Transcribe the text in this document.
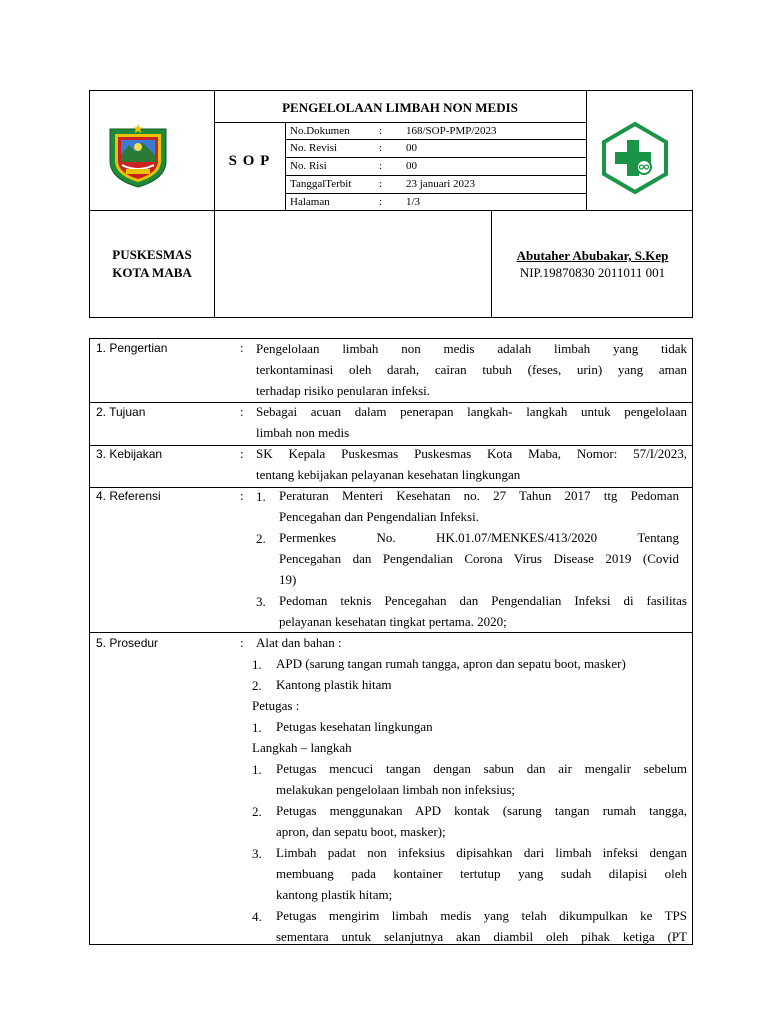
PENGELOLAAN LIMBAH NON MEDIS
S O P
No.Dokumen	: 168/SOP-PMP/2023
No. Revisi	: 00
No. Risi	: 00
TanggalTerbit	: 23 januari 2023
Halaman	: 1/3
PUSKESMAS
KOTA MABA
Abutaher Abubakar, S.Kep
NIP.19870830 2011011 001
1. Pengertian	: Pengelolaan limbah non medis adalah limbah yang tidak
terkontaminasi oleh darah, cairan tubuh (feses, urin) yang aman
terhadap risiko penularan infeksi.
2. Tujuan	: Sebagai acuan dalam penerapan langkah- langkah untuk pengelolaan
limbah non medis
3. Kebijakan	: SK Kepala Puskesmas Puskesmas Kota Maba, Nomor: 57/I/2023,
tentang kebijakan pelayanan kesehatan lingkungan
4. Referensi	: 1. Peraturan Menteri Kesehatan no. 27 Tahun 2017 ttg Pedoman
Pencegahan dan Pengendalian Infeksi.
2. Permenkes No. HK.01.07/MENKES/413/2020 Tentang
Pencegahan dan Pengendalian Corona Virus Disease 2019 (Covid
19)
3. Pedoman teknis Pencegahan dan Pengendalian Infeksi di fasilitas
pelayanan kesehatan tingkat pertama. 2020;
5. Prosedur	: Alat dan bahan :
1. APD (sarung tangan rumah tangga, apron dan sepatu boot, masker)
2. Kantong plastik hitam
Petugas :
1. Petugas kesehatan lingkungan
Langkah – langkah
1. Petugas mencuci tangan dengan sabun dan air mengalir sebelum
melakukan pengelolaan limbah non infeksius;
2. Petugas menggunakan APD kontak (sarung tangan rumah tangga,
apron, dan sepatu boot, masker);
3. Limbah padat non infeksius dipisahkan dari limbah infeksi dengan
membuang pada kontainer tertutup yang sudah dilapisi oleh
kantong plastik hitam;
4. Petugas mengirim limbah medis yang telah dikumpulkan ke TPS
sementara untuk selanjutnya akan diambil oleh pihak ketiga (PT
